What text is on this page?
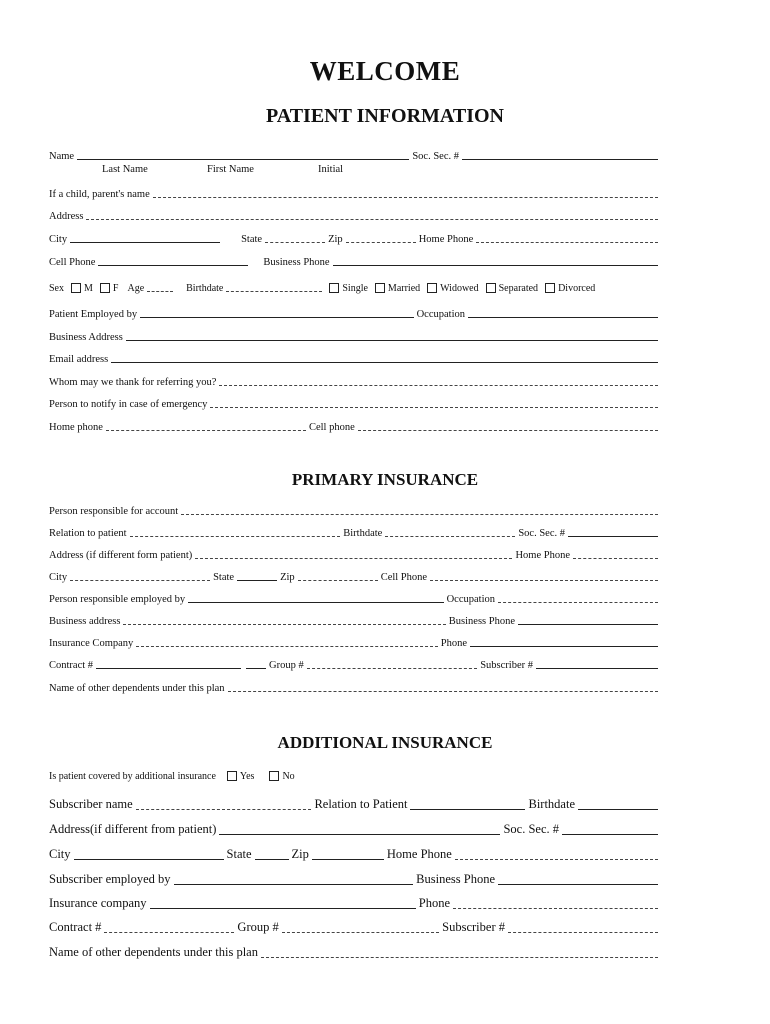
WELCOME
PATIENT INFORMATION
Name	Soc. Sec. #
Last Name	First Name	Initial
If a child, parent's name
Address
City	State	Zip	Home Phone
Cell Phone	Business Phone
Sex M F Age	Birthdate	Single Married Widowed Separated Divorced
Patient Employed by	Occupation
Business Address
Email address
Whom may we thank for referring you?
Person to notify in case of emergency
Home phone	Cell phone
PRIMARY INSURANCE
Person responsible for account
Relation to patient	Birthdate	Soc. Sec. #
Address (if different form patient)	Home Phone
City	State	Zip	Cell Phone
Person responsible employed by	Occupation
Business address	Business Phone
Insurance Company	Phone
Contract #	Group #	Subscriber #
Name of other dependents under this plan
ADDITIONAL INSURANCE
Is patient covered by additional insurance Yes	No
Subscriber name	Relation to Patient	Birthdate
Address(if different from patient)	Soc. Sec. #
City	State	Zip	Home Phone
Subscriber employed by	Business Phone
Insurance company	Phone
Contract #	Group #	Subscriber #
Name of other dependents under this plan
